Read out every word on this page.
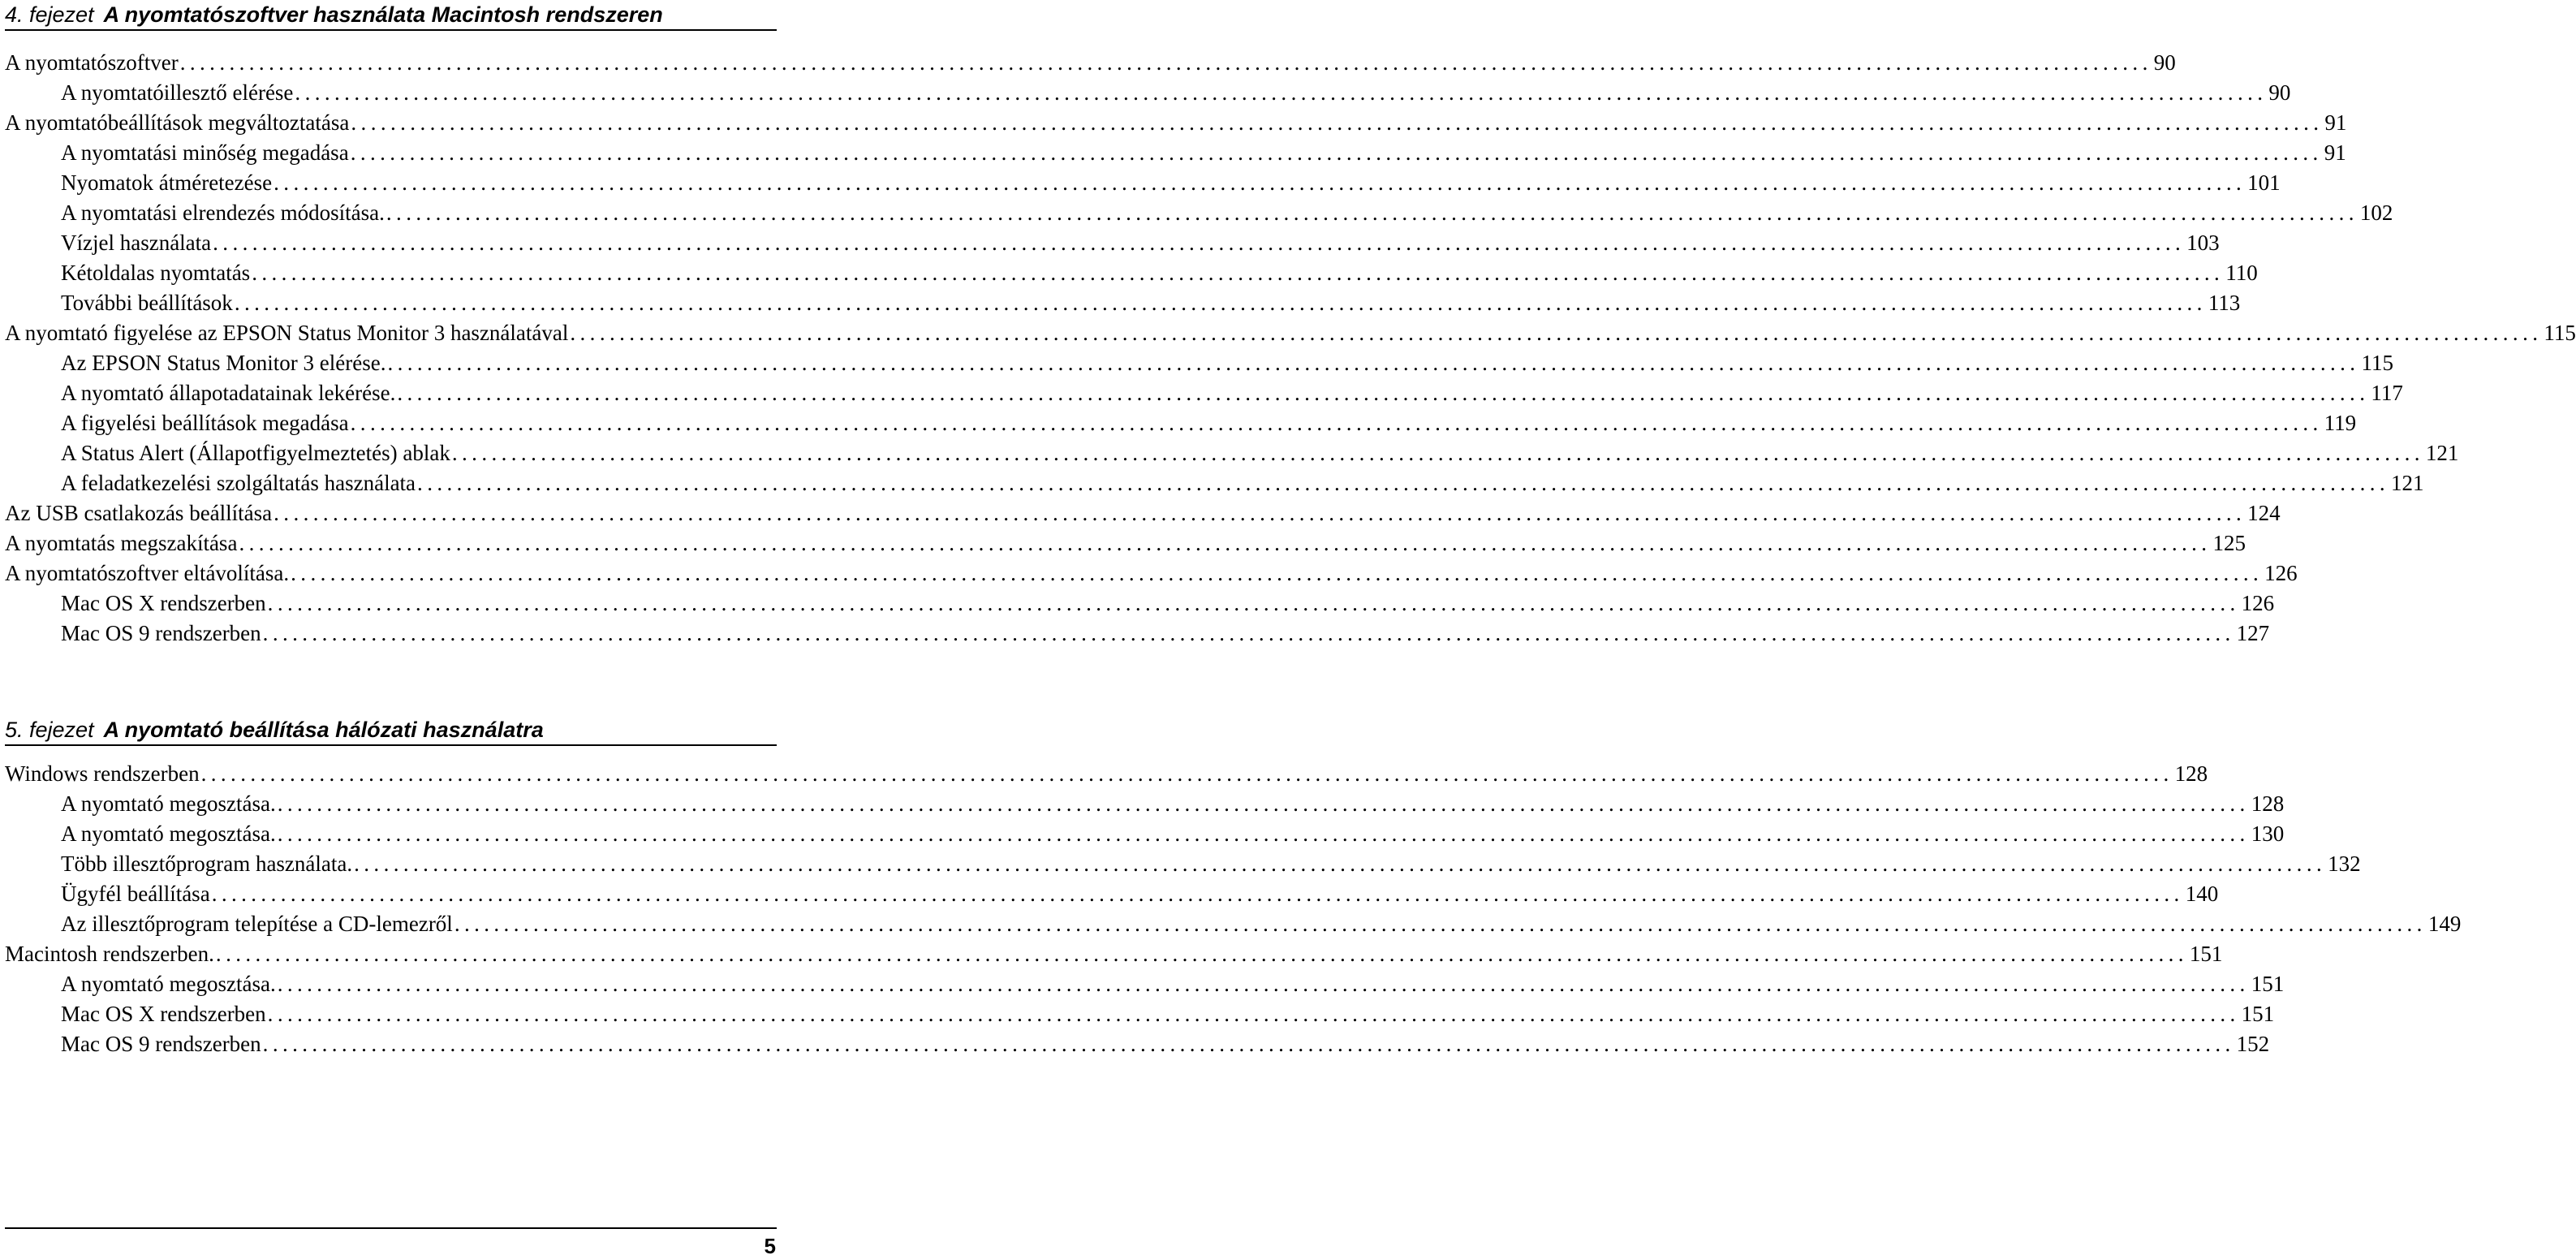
4. fejezet A nyomtatószoftver használata Macintosh rendszeren
A nyomtatószoftver ........................................................................................................................................................................................................ 90
A nyomtatóillesztő elérése ........................................................................................................................................................................................................ 90
A nyomtatóbeállítások megváltoztatása ........................................................................................................................................................................................................ 91
A nyomtatási minőség megadása ........................................................................................................................................................................................................ 91
Nyomatok átméretezése ........................................................................................................................................................................................................ 101
A nyomtatási elrendezés módosítása. ........................................................................................................................................................................................................ 102
Vízjel használata ........................................................................................................................................................................................................ 103
Kétoldalas nyomtatás ........................................................................................................................................................................................................ 110
További beállítások ........................................................................................................................................................................................................ 113
A nyomtató figyelése az EPSON Status Monitor 3 használatával ........................................................................................................................................................................................................ 115
Az EPSON Status Monitor 3 elérése. ........................................................................................................................................................................................................ 115
A nyomtató állapotadatainak lekérése. ........................................................................................................................................................................................................ 117
A figyelési beállítások megadása ........................................................................................................................................................................................................ 119
A Status Alert (Állapotfigyelmeztetés) ablak ........................................................................................................................................................................................................ 121
A feladatkezelési szolgáltatás használata ........................................................................................................................................................................................................ 121
Az USB csatlakozás beállítása ........................................................................................................................................................................................................ 124
A nyomtatás megszakítása ........................................................................................................................................................................................................ 125
A nyomtatószoftver eltávolítása. ........................................................................................................................................................................................................ 126
Mac OS X rendszerben ........................................................................................................................................................................................................ 126
Mac OS 9 rendszerben ........................................................................................................................................................................................................ 127
5. fejezet A nyomtató beállítása hálózati használatra
Windows rendszerben ........................................................................................................................................................................................................ 128
A nyomtató megosztása. ........................................................................................................................................................................................................ 128
A nyomtató megosztása. ........................................................................................................................................................................................................ 130
Több illesztőprogram használata. ........................................................................................................................................................................................................ 132
Ügyfél beállítása ........................................................................................................................................................................................................ 140
Az illesztőprogram telepítése a CD-lemezről ........................................................................................................................................................................................................ 149
Macintosh rendszerben. ........................................................................................................................................................................................................ 151
A nyomtató megosztása. ........................................................................................................................................................................................................ 151
Mac OS X rendszerben ........................................................................................................................................................................................................ 151
Mac OS 9 rendszerben ........................................................................................................................................................................................................ 152
5
